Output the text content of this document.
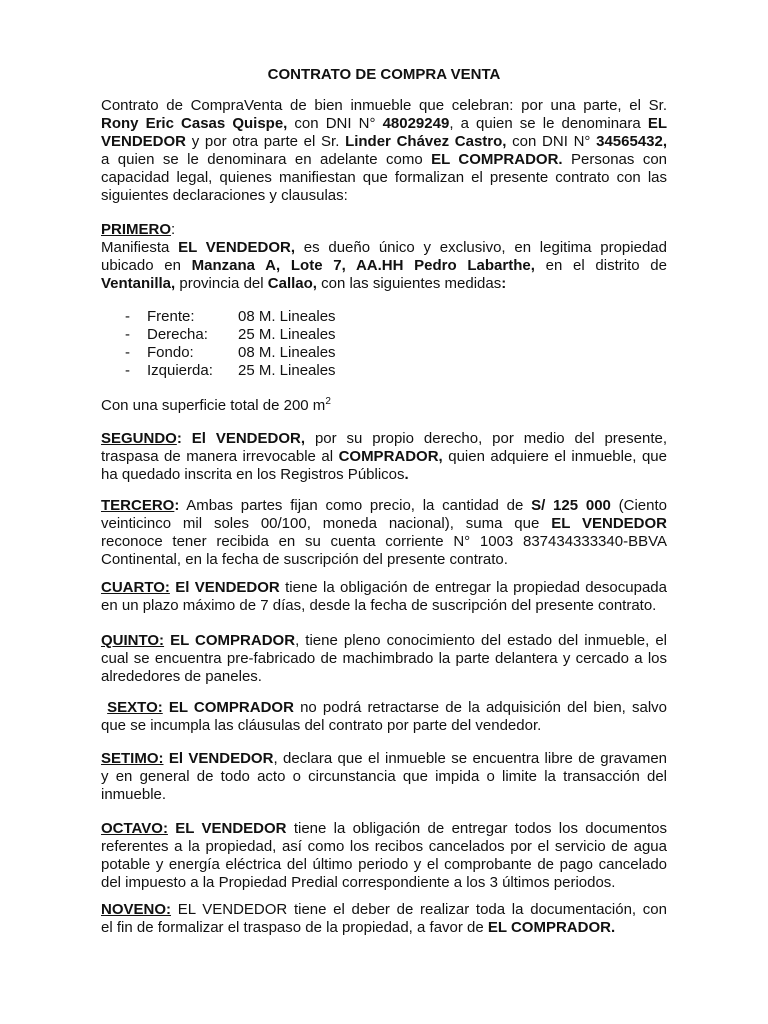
CONTRATO DE COMPRA VENTA
Contrato de CompraVenta de bien inmueble que celebran: por una parte, el Sr.
Rony Eric Casas Quispe, con DNI N° 48029249, a quien se le denominara EL
VENDEDOR y por otra parte el Sr. Linder Chávez Castro, con DNI N° 34565432,
a quien se le denominara en adelante como EL COMPRADOR. Personas con
capacidad legal, quienes manifiestan que formalizan el presente contrato con las
siguientes declaraciones y clausulas:
PRIMERO:
Manifiesta EL VENDEDOR, es dueño único y exclusivo, en legitima propiedad
ubicado en Manzana A, Lote 7, AA.HH Pedro Labarthe, en el distrito de
Ventanilla, provincia del Callao, con las siguientes medidas:
- Frente:	08 M. Lineales
- Derecha: 25 M. Lineales
- Fondo:	08 M. Lineales
- Izquierda: 25 M. Lineales
Con una superficie total de 200 $m^2$
SEGUNDO: El VENDEDOR, por su propio derecho, por medio del presente,
traspasa de manera irrevocable al COMPRADOR, quien adquiere el inmueble, que
ha quedado inscrita en los Registros Públicos.
TERCERO: Ambas partes fijan como precio, la cantidad de S/ 125 000 (Ciento
veinticinco mil soles 00/100, moneda nacional), suma que EL VENDEDOR
reconoce tener recibida en su cuenta corriente N° 1003 837434333340-BBVA
Continental, en la fecha de suscripción del presente contrato.
CUARTO: El VENDEDOR tiene la obligación de entregar la propiedad desocupada
en un plazo máximo de 7 días, desde la fecha de suscripción del presente contrato.
QUINTO: EL COMPRADOR, tiene pleno conocimiento del estado del inmueble, el
cual se encuentra pre-fabricado de machimbrado la parte delantera y cercado a los
alrededores de paneles.
SEXTO: EL COMPRADOR no podrá retractarse de la adquisición del bien, salvo
que se incumpla las cláusulas del contrato por parte del vendedor.
SETIMO: El VENDEDOR, declara que el inmueble se encuentra libre de gravamen
y en general de todo acto o circunstancia que impida o limite la transacción del
inmueble.
OCTAVO: EL VENDEDOR tiene la obligación de entregar todos los documentos
referentes a la propiedad, así como los recibos cancelados por el servicio de agua
potable y energía eléctrica del último periodo y el comprobante de pago cancelado
del impuesto a la Propiedad Predial correspondiente a los 3 últimos periodos.
NOVENO: EL VENDEDOR tiene el deber de realizar toda la documentación, con
el fin de formalizar el traspaso de la propiedad, a favor de EL COMPRADOR.
